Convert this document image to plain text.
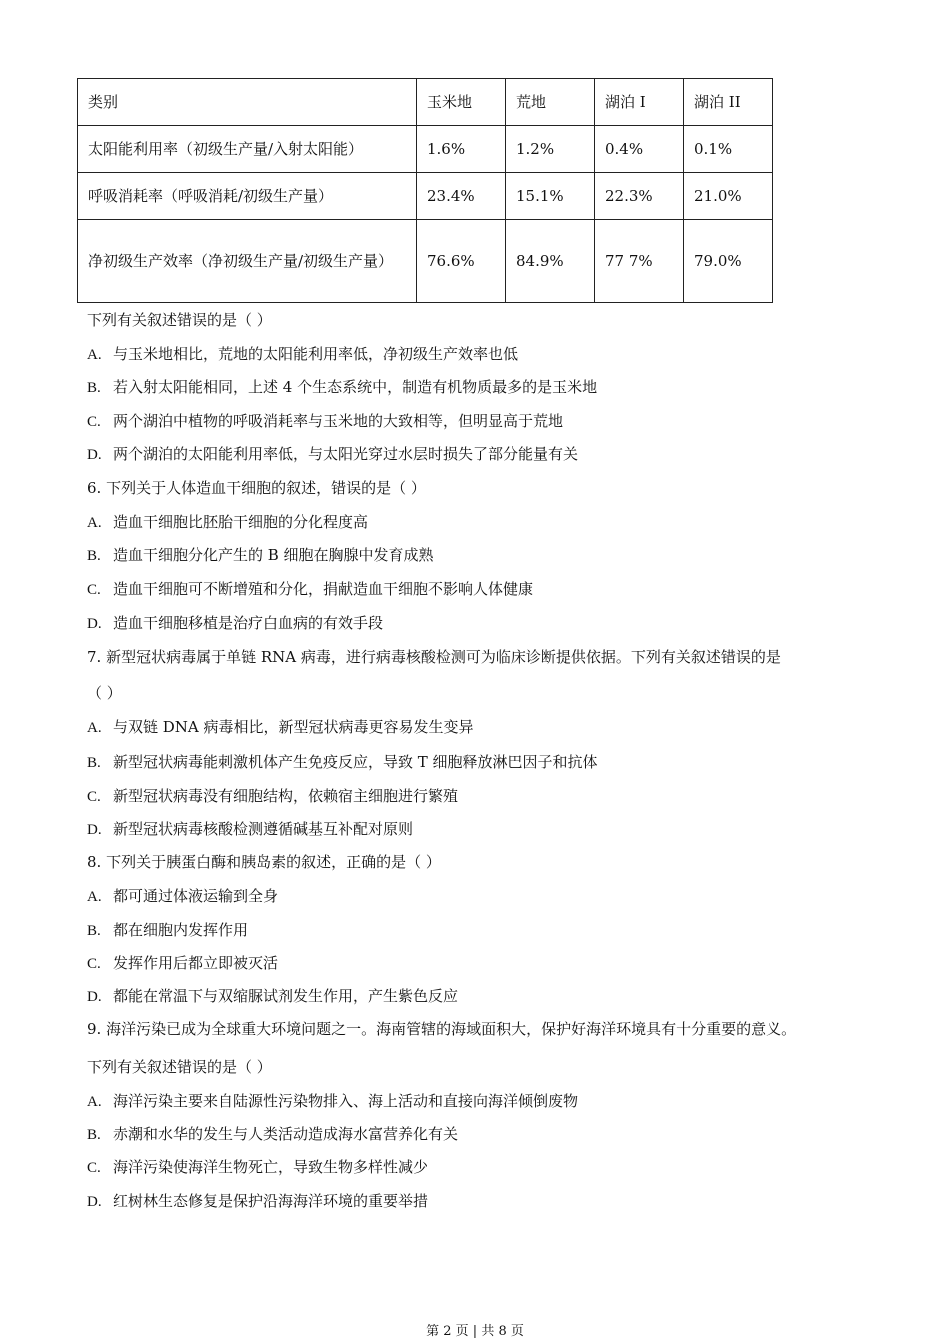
类别	玉米地	荒地	湖泊 I	湖泊 II
太阳能利用率（初级生产量/入射太阳能）	1.6%	1.2%	0.4%	0.1%
呼吸消耗率（呼吸消耗/初级生产量）	23.4%	15.1%	22.3%	21.0%
净初级生产效率（净初级生产量/初级生产量）	76.6%	84.9%	77 7%	79.0%
下列有关叙述错误的是（ ）
A. 与玉米地相比，荒地的太阳能利用率低，净初级生产效率也低
B. 若入射太阳能相同，上述 4 个生态系统中，制造有机物质最多的是玉米地
C. 两个湖泊中植物的呼吸消耗率与玉米地的大致相等，但明显高于荒地
D. 两个湖泊的太阳能利用率低，与太阳光穿过水层时损失了部分能量有关
6. 下列关于人体造血干细胞的叙述，错误的是（ ）
A. 造血干细胞比胚胎干细胞的分化程度高
B. 造血干细胞分化产生的 B 细胞在胸腺中发育成熟
C. 造血干细胞可不断增殖和分化，捐献造血干细胞不影响人体健康
D. 造血干细胞移植是治疗白血病的有效手段
7. 新型冠状病毒属于单链 RNA 病毒，进行病毒核酸检测可为临床诊断提供依据。下列有关叙述错误的是
（ ）
A. 与双链 DNA 病毒相比，新型冠状病毒更容易发生变异
B. 新型冠状病毒能刺激机体产生免疫反应，导致 T 细胞释放淋巴因子和抗体
C. 新型冠状病毒没有细胞结构，依赖宿主细胞进行繁殖
D. 新型冠状病毒核酸检测遵循碱基互补配对原则
8. 下列关于胰蛋白酶和胰岛素的叙述，正确的是（ ）
A. 都可通过体液运输到全身
B. 都在细胞内发挥作用
C. 发挥作用后都立即被灭活
D. 都能在常温下与双缩脲试剂发生作用，产生紫色反应
9. 海洋污染已成为全球重大环境问题之一。海南管辖的海域面积大，保护好海洋环境具有十分重要的意义。
下列有关叙述错误的是（ ）
A. 海洋污染主要来自陆源性污染物排入、海上活动和直接向海洋倾倒废物
B. 赤潮和水华的发生与人类活动造成海水富营养化有关
C. 海洋污染使海洋生物死亡，导致生物多样性减少
D. 红树林生态修复是保护沿海海洋环境的重要举措
第 2 页 | 共 8 页
